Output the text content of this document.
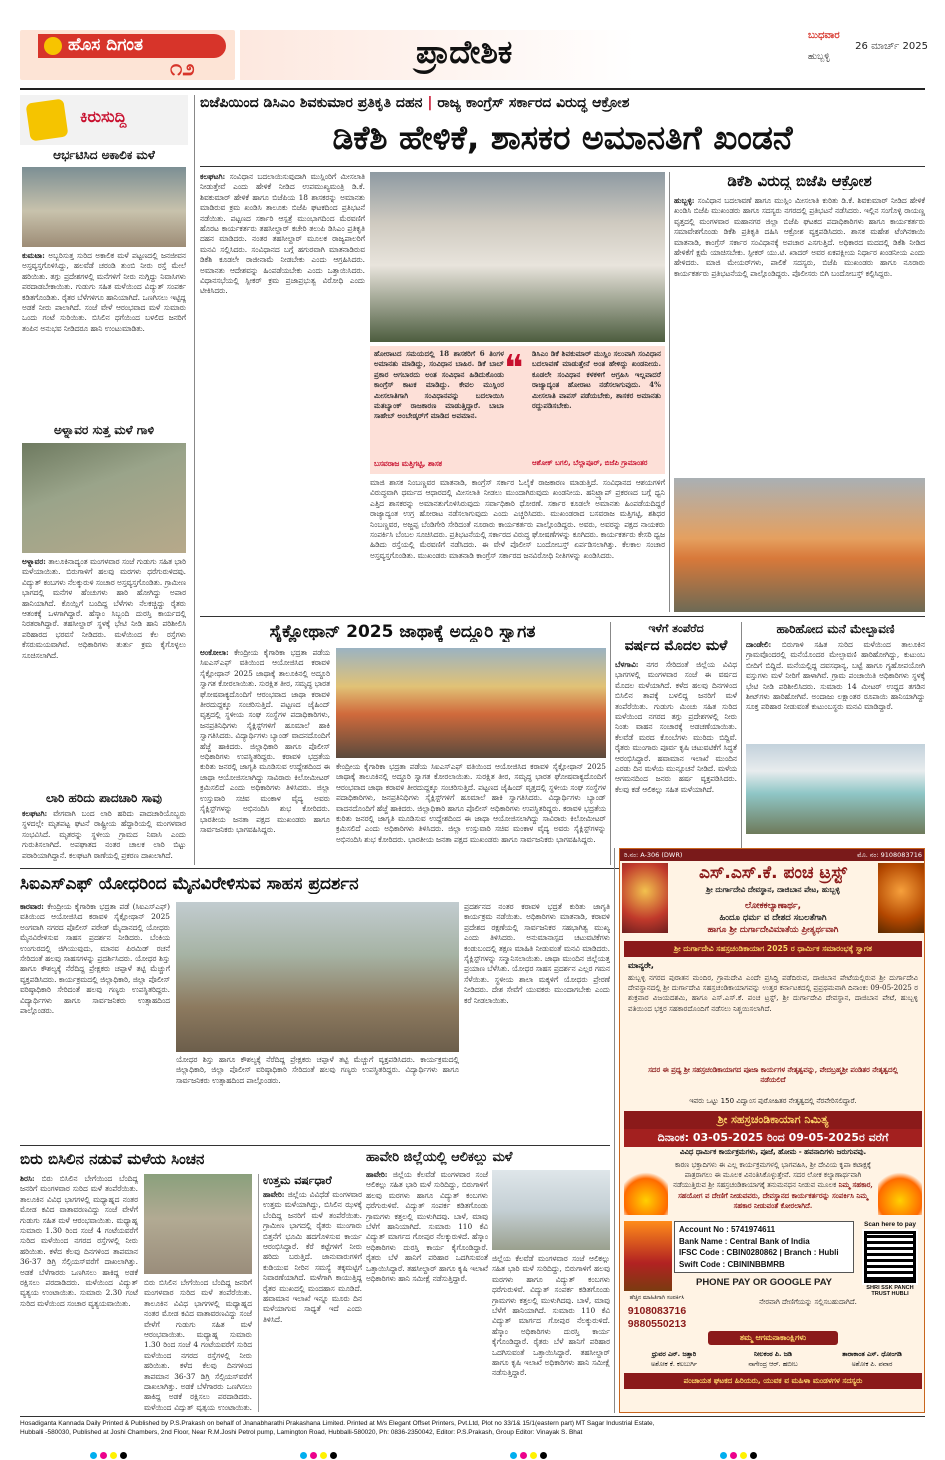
ಹೊಸ ದಿಗಂತ
೧೨	ಪ್ರಾದೇಶಿಕ	ಬುಧವಾರ
26 ಮಾರ್ಚ್ 2025
ಹುಬ್ಬಳ್ಳಿ
ಕಿರುಸುದ್ದಿ
ಆರ್ಭಟಿಸಿದ ಅಕಾಲಿಕ ಮಳೆ
ಕುಮಟಾ: ಅಬ್ಬರಿಸುತ್ತ ಸುರಿದ ಅಕಾಲಿಕ ಮಳೆ ಪಟ್ಟಣದಲ್ಲಿ ಜನಜೀವನ ಅಸ್ತವ್ಯಸ್ತಗೊಳಿಸಿದ್ದು, ಹಲವೆಡೆ ಚರಂಡಿ ತುಂಬಿ ನೀರು ರಸ್ತೆ ಮೇಲೆ ಹರಿಯಿತು. ತಗ್ಗು ಪ್ರದೇಶಗಳಲ್ಲಿ ಮನೆಗಳಿಗೆ ನೀರು ನುಗ್ಗಿದ್ದು ನಿವಾಸಿಗಳು ಪರದಾಡಬೇಕಾಯಿತು. ಗುಡುಗು ಸಹಿತ ಮಳೆಯಿಂದ ವಿದ್ಯುತ್ ಸಂಪರ್ಕ ಕಡಿತಗೊಂಡಿತು. ರೈತರ ಬೆಳೆಗಳಿಗೂ ಹಾನಿಯಾಗಿದೆ. ಒಣಗಿಸಲು ಇಟ್ಟಿದ್ದ ಅಡಕೆ ನೀರು ಪಾಲಾಗಿದೆ. ಸಂಜೆ ವೇಳೆ ಆರಂಭವಾದ ಮಳೆ ಸುಮಾರು ಒಂದು ಗಂಟೆ ಸುರಿಯಿತು. ಬಿಸಿಲಿನ ಧಗೆಯಿಂದ ಬಳಲಿದ ಜನರಿಗೆ ತಂಪಿನ ಅನುಭವ ನೀಡಿದರೂ ಹಾನಿ ಉಂಟುಮಾಡಿತು.
ಅಳ್ನಾವರ ಸುತ್ತ ಮಳೆ ಗಾಳಿ
ಅಳ್ನಾವರ: ತಾಲೂಕಿನಾದ್ಯಂತ ಮಂಗಳವಾರ ಸಂಜೆ ಗುಡುಗು ಸಹಿತ ಭಾರಿ ಮಳೆಯಾಯಿತು. ಬಿರುಗಾಳಿಗೆ ಹಲವು ಮರಗಳು ಧರೆಗುರುಳಿದವು. ವಿದ್ಯುತ್ ಕಂಬಗಳು ನೆಲಕ್ಕುರುಳಿ ಸಂಚಾರ ಅಸ್ತವ್ಯಸ್ತಗೊಂಡಿತು. ಗ್ರಾಮೀಣ ಭಾಗದಲ್ಲಿ ಮನೆಗಳ ಹೆಂಚುಗಳು ಹಾರಿ ಹೋಗಿದ್ದು ಅಪಾರ ಹಾನಿಯಾಗಿದೆ. ಕೊಯ್ಲಿಗೆ ಬಂದಿದ್ದ ಬೆಳೆಗಳು ನೆಲಕಚ್ಚಿದ್ದು ರೈತರು ಆತಂಕಕ್ಕೆ ಒಳಗಾಗಿದ್ದಾರೆ. ಹೆಸ್ಕಾಂ ಸಿಬ್ಬಂದಿ ದುರಸ್ತಿ ಕಾರ್ಯದಲ್ಲಿ ನಿರತರಾಗಿದ್ದಾರೆ. ತಹಸೀಲ್ದಾರ್ ಸ್ಥಳಕ್ಕೆ ಭೇಟಿ ನೀಡಿ ಹಾನಿ ಪರಿಶೀಲಿಸಿ ಪರಿಹಾರದ ಭರವಸೆ ನೀಡಿದರು. ಮಳೆಯಿಂದ ಕೆಲ ರಸ್ತೆಗಳು ಕೆಸರುಮಯವಾಗಿವೆ. ಅಧಿಕಾರಿಗಳು ತುರ್ತು ಕ್ರಮ ಕೈಗೊಳ್ಳಲು ಸೂಚಿಸಲಾಗಿದೆ.
ಲಾರಿ ಹರಿದು ಪಾದಚಾರಿ ಸಾವು
ಕಲಘಟಗಿ: ವೇಗವಾಗಿ ಬಂದ ಲಾರಿ ಹರಿದು ಪಾದಚಾರಿಯೊಬ್ಬರು ಸ್ಥಳದಲ್ಲೇ ಮೃತಪಟ್ಟ ಘಟನೆ ರಾಷ್ಟ್ರೀಯ ಹೆದ್ದಾರಿಯಲ್ಲಿ ಮಂಗಳವಾರ ಸಂಭವಿಸಿದೆ. ಮೃತರನ್ನು ಸ್ಥಳೀಯ ಗ್ರಾಮದ ನಿವಾಸಿ ಎಂದು ಗುರುತಿಸಲಾಗಿದೆ. ಅಪಘಾತದ ನಂತರ ಚಾಲಕ ಲಾರಿ ಬಿಟ್ಟು ಪರಾರಿಯಾಗಿದ್ದಾನೆ. ಕಲಘಟಗಿ ಠಾಣೆಯಲ್ಲಿ ಪ್ರಕರಣ ದಾಖಲಾಗಿದೆ.
ಬಿಜೆಪಿಯಿಂದ ಡಿಸಿಎಂ ಶಿವಕುಮಾರ ಪ್ರತಿಕೃತಿ ದಹನ | ರಾಜ್ಯ ಕಾಂಗ್ರೆಸ್ ಸರ್ಕಾರದ ವಿರುದ್ಧ ಆಕ್ರೋಶ
ಡಿಕೆಶಿ ಹೇಳಿಕೆ, ಶಾಸಕರ ಅಮಾನತಿಗೆ ಖಂಡನೆ
ಕಲಘಟಗಿ: ಸಂವಿಧಾನ ಬದಲಾಯಿಸುವುದಾಗಿ ಮುಸ್ಲಿಂರಿಗೆ ಮೀಸಲಾತಿ ನೀಡುತ್ತೇವೆ ಎಂದು ಹೇಳಿಕೆ ನೀಡಿದ ಉಪಮುಖ್ಯಮಂತ್ರಿ ಡಿ.ಕೆ. ಶಿವಕುಮಾರ್ ಹೇಳಿಕೆ ಹಾಗೂ ಬಿಜೆಪಿಯ 18 ಶಾಸಕರನ್ನು ಅಮಾನತು ಮಾಡಿರುವ ಕ್ರಮ ಖಂಡಿಸಿ ತಾಲೂಕು ಬಿಜೆಪಿ ಘಟಕದಿಂದ ಪ್ರತಿಭಟನೆ ನಡೆಯಿತು. ಪಟ್ಟಣದ ಸರ್ಕಾರಿ ಆಸ್ಪತ್ರೆ ಮುಂಭಾಗದಿಂದ ಮೆರವಣಿಗೆ ಹೊರಟ ಕಾರ್ಯಕರ್ತರು ತಹಸೀಲ್ದಾರ್ ಕಚೇರಿ ತಲುಪಿ ಡಿಸಿಎಂ ಪ್ರತಿಕೃತಿ ದಹನ ಮಾಡಿದರು. ನಂತರ ತಹಸೀಲ್ದಾರ್ ಮೂಲಕ ರಾಜ್ಯಪಾಲರಿಗೆ ಮನವಿ ಸಲ್ಲಿಸಿದರು. ಸಂವಿಧಾನದ ಬಗ್ಗೆ ಹಗುರವಾಗಿ ಮಾತನಾಡಿರುವ ಡಿಕೆಶಿ ಕೂಡಲೇ ರಾಜೀನಾಮೆ ನೀಡಬೇಕು ಎಂದು ಆಗ್ರಹಿಸಿದರು. ಅಮಾನತು ಆದೇಶವನ್ನು ಹಿಂಪಡೆಯಬೇಕು ಎಂದು ಒತ್ತಾಯಿಸಿದರು. ವಿಧಾನಸಭೆಯಲ್ಲಿ ಸ್ಪೀಕರ್ ಕ್ರಮ ಪ್ರಜಾಪ್ರಭುತ್ವ ವಿರೋಧಿ ಎಂದು ಟೀಕಿಸಿದರು.
ಹೋರಾಟದ ಸಮಯದಲ್ಲಿ 18 ಶಾಸಕರಿಗೆ 6 ತಿಂಗಳ ಅಮಾನತು ಮಾಡಿದ್ದು, ಸಂವಿಧಾನ ಬಾಹಿರ. ಡಿಕೆ ಬಾಬ್ ಪ್ರಕಾರ ಆಗಬಾರದು ಅಂತ ಸಂವಿಧಾನ ಹಿಡಿದುಕೊಂಡು ಕಾಂಗ್ರೆಸ್ ಕಾಟಕ ಮಾಡಿದ್ದು. ಕೇವಲ ಮುಸ್ಲಿಂರ ಮೀಸಲಾತಿಗಾಗಿ ಸಂವಿಧಾನವನ್ನು ಬದಲಾಯಿಸಿ ಮತಬ್ಯಾಂಕ್ ರಾಜಕಾರಣ ಮಾಡುತ್ತಿದ್ದಾರೆ. ಬಾಬಾ ಸಾಹೇಬ್ ಅಂಬೇಡ್ಕರ್‌ಗೆ ಮಾಡಿದ ಅವಮಾನ.
ಬಸವರಾಜ ಮತ್ತಿಗಟ್ಟಿ, ಶಾಸಕ
❝ ಡಿಸಿಎಂ ಡಿಕೆ ಶಿವಕುಮಾರ್ ಮುಸ್ಲಿಂ ಸಲುವಾಗಿ ಸಂವಿಧಾನ ಬದಲಾವಣೆ ಮಾಡುತ್ತೇನೆ ಅಂತ ಹೇಳಿದ್ದು ಖಂಡನೀಯ. ಕೂಡಲೇ ಸಂವಿಧಾನ ಕಳಕಳಿಗೆ ಆಗ್ರಹಿಸಿ ಇಲ್ಲವಾದರೆ ರಾಜ್ಯಾದ್ಯಂತ ಹೋರಾಟ ನಡೆಸಲಾಗುವುದು. 4% ಮೀಸಲಾತಿ ವಾಪಸ್ ಪಡೆಯಬೇಕು, ಶಾಸಕರ ಅಮಾನತು ರದ್ದುಪಡಿಸಬೇಕು.
ಆಶೋಕ್ ಬಗಲಿ, ಬೆಲ್ಲಾಪೂರ್, ಬಿಜೆಪಿ ಗ್ರಾಮಾಂತರ
ಮಾಜಿ ಶಾಸಕ ನಿಂಬಣ್ಣವರ ಮಾತನಾಡಿ, ಕಾಂಗ್ರೆಸ್ ಸರ್ಕಾರ ಓಲೈಕೆ ರಾಜಕಾರಣ ಮಾಡುತ್ತಿದೆ. ಸಂವಿಧಾನದ ಆಶಯಗಳಿಗೆ ವಿರುದ್ಧವಾಗಿ ಧರ್ಮದ ಆಧಾರದಲ್ಲಿ ಮೀಸಲಾತಿ ನೀಡಲು ಮುಂದಾಗಿರುವುದು ಖಂಡನೀಯ. ಹನಿಟ್ರ್ಯಾಪ್ ಪ್ರಕರಣದ ಬಗ್ಗೆ ಧ್ವನಿ ಎತ್ತಿದ ಶಾಸಕರನ್ನು ಅಮಾನತುಗೊಳಿಸಿರುವುದು ಸರ್ವಾಧಿಕಾರಿ ಧೋರಣೆ. ಸರ್ಕಾರ ಕೂಡಲೇ ಅಮಾನತು ಹಿಂಪಡೆಯದಿದ್ದರೆ ರಾಜ್ಯಾದ್ಯಂತ ಉಗ್ರ ಹೋರಾಟ ನಡೆಸಲಾಗುವುದು ಎಂದು ಎಚ್ಚರಿಸಿದರು. ಮುಖಂಡರಾದ ಬಸವರಾಜ ಮತ್ತಿಗಟ್ಟಿ, ಶಶಿಧರ ನಿಂಬಣ್ಣವರ, ಅಜ್ಜಪ್ಪ ಬೆಂಡಿಗೇರಿ ಸೇರಿದಂತೆ ನೂರಾರು ಕಾರ್ಯಕರ್ತರು ಪಾಲ್ಗೊಂಡಿದ್ದರು. ಅವರು, ಅವರನ್ನು ಪಕ್ಷದ ನಾಯಕರು ಸಂಪರ್ಕಿಸಿ ಬೆಂಬಲ ಸೂಚಿಸಿದರು. ಪ್ರತಿಭಟನೆಯಲ್ಲಿ ಸರ್ಕಾರದ ವಿರುದ್ಧ ಘೋಷಣೆಗಳನ್ನು ಕೂಗಿದರು. ಕಾರ್ಯಕರ್ತರು ಕೇಸರಿ ಧ್ವಜ ಹಿಡಿದು ರಸ್ತೆಯಲ್ಲಿ ಮೆರವಣಿಗೆ ನಡೆಸಿದರು. ಈ ವೇಳೆ ಪೊಲೀಸ್ ಬಂದೋಬಸ್ತ್ ಏರ್ಪಡಿಸಲಾಗಿತ್ತು. ಕೆಲಕಾಲ ಸಂಚಾರ ಅಸ್ತವ್ಯಸ್ತಗೊಂಡಿತು. ಮುಖಂಡರು ಮಾತನಾಡಿ ಕಾಂಗ್ರೆಸ್ ಸರ್ಕಾರದ ಜನವಿರೋಧಿ ನೀತಿಗಳನ್ನು ಖಂಡಿಸಿದರು.
ಡಿಕೆಶಿ ವಿರುದ್ಧ ಬಿಜೆಪಿ ಆಕ್ರೋಶ
ಹುಬ್ಬಳ್ಳಿ: ಸಂವಿಧಾನ ಬದಲಾವಣೆ ಹಾಗೂ ಮುಸ್ಲಿಂ ಮೀಸಲಾತಿ ಕುರಿತು ಡಿ.ಕೆ. ಶಿವಕುಮಾರ್ ನೀಡಿದ ಹೇಳಿಕೆ ಖಂಡಿಸಿ ಬಿಜೆಪಿ ಮುಖಂಡರು ಹಾಗೂ ಸದಸ್ಯರು ನಗರದಲ್ಲಿ ಪ್ರತಿಭಟನೆ ನಡೆಸಿದರು. ಇಲ್ಲಿನ ಸಂಗೊಳ್ಳಿ ರಾಯಣ್ಣ ವೃತ್ತದಲ್ಲಿ ಮಂಗಳವಾರ ಮಹಾನಗರ ಜಿಲ್ಲಾ ಬಿಜೆಪಿ ಘಟಕದ ಪದಾಧಿಕಾರಿಗಳು ಹಾಗೂ ಕಾರ್ಯಕರ್ತರು ಸಮಾವೇಶಗೊಂಡು ಡಿಕೆಶಿ ಪ್ರತಿಕೃತಿ ದಹಿಸಿ ಆಕ್ರೋಶ ವ್ಯಕ್ತಪಡಿಸಿದರು. ಶಾಸಕ ಮಹೇಶ ಟೆಂಗಿನಕಾಯಿ ಮಾತನಾಡಿ, ಕಾಂಗ್ರೆಸ್ ಸರ್ಕಾರ ಸಂವಿಧಾನಕ್ಕೆ ಅಪಚಾರ ಎಸಗುತ್ತಿದೆ. ಅಧಿಕಾರದ ಮದದಲ್ಲಿ ಡಿಕೆಶಿ ನೀಡಿದ ಹೇಳಿಕೆಗೆ ಕ್ಷಮೆ ಯಾಚಿಸಬೇಕು. ಸ್ಪೀಕರ್ ಯು.ಟಿ. ಖಾದರ್ ಅವರ ಏಕಪಕ್ಷೀಯ ನಿರ್ಧಾರ ಖಂಡನೀಯ ಎಂದು ಹೇಳಿದರು. ಮಾಜಿ ಮೇಯರ್‌ಗಳು, ಪಾಲಿಕೆ ಸದಸ್ಯರು, ಬಿಜೆಪಿ ಮುಖಂಡರು ಹಾಗೂ ನೂರಾರು ಕಾರ್ಯಕರ್ತರು ಪ್ರತಿಭಟನೆಯಲ್ಲಿ ಪಾಲ್ಗೊಂಡಿದ್ದರು. ಪೊಲೀಸರು ಬಿಗಿ ಬಂದೋಬಸ್ತ್ ಕಲ್ಪಿಸಿದ್ದರು.
ಸೈಕ್ಲೋಥಾನ್ 2025 ಜಾಥಾಕ್ಕೆ ಅದ್ದೂರಿ ಸ್ವಾಗತ
ಅಂಕೋಲಾ: ಕೇಂದ್ರೀಯ ಕೈಗಾರಿಕಾ ಭದ್ರತಾ ಪಡೆಯ ಸಿಐಎಸ್‌ಎಫ್ ವತಿಯಿಂದ ಆಯೋಜಿಸಿದ ಕರಾವಳಿ ಸೈಕ್ಲೋಥಾನ್ 2025 ಜಾಥಾಕ್ಕೆ ತಾಲೂಕಿನಲ್ಲಿ ಅದ್ದೂರಿ ಸ್ವಾಗತ ಕೋರಲಾಯಿತು. ಸುರಕ್ಷಿತ ತೀರ, ಸಮೃದ್ಧ ಭಾರತ ಘೋಷವಾಕ್ಯದೊಂದಿಗೆ ಆರಂಭವಾದ ಜಾಥಾ ಕರಾವಳಿ ತೀರದುದ್ದಕ್ಕೂ ಸಂಚರಿಸುತ್ತಿದೆ. ಪಟ್ಟಣದ ಜೈಹಿಂದ್ ವೃತ್ತದಲ್ಲಿ ಸ್ಥಳೀಯ ಸಂಘ ಸಂಸ್ಥೆಗಳ ಪದಾಧಿಕಾರಿಗಳು, ಜನಪ್ರತಿನಿಧಿಗಳು ಸೈಕ್ಲಿಸ್ಟ್‌ಗಳಿಗೆ ಹೂಮಾಲೆ ಹಾಕಿ ಸ್ವಾಗತಿಸಿದರು. ವಿದ್ಯಾರ್ಥಿಗಳು ಬ್ಯಾಂಡ್ ವಾದನದೊಂದಿಗೆ ಹೆಜ್ಜೆ ಹಾಕಿದರು. ಜಿಲ್ಲಾಧಿಕಾರಿ ಹಾಗೂ ಪೊಲೀಸ್ ಅಧಿಕಾರಿಗಳು ಉಪಸ್ಥಿತರಿದ್ದರು. ಕರಾವಳಿ ಭದ್ರತೆಯ ಕುರಿತು ಜನರಲ್ಲಿ ಜಾಗೃತಿ ಮೂಡಿಸುವ ಉದ್ದೇಶದಿಂದ ಈ ಜಾಥಾ ಆಯೋಜಿಸಲಾಗಿದ್ದು ಸಾವಿರಾರು ಕಿಲೋಮೀಟರ್ ಕ್ರಮಿಸಲಿದೆ ಎಂದು ಅಧಿಕಾರಿಗಳು ತಿಳಿಸಿದರು. ಜಿಲ್ಲಾ ಉಸ್ತುವಾರಿ ಸಚಿವ ಮಂಕಾಳ ವೈದ್ಯ ಅವರು ಸೈಕ್ಲಿಸ್ಟ್‌ಗಳನ್ನು ಅಭಿನಂದಿಸಿ ಶುಭ ಕೋರಿದರು. ಭಾರತೀಯ ಜನತಾ ಪಕ್ಷದ ಮುಖಂಡರು ಹಾಗೂ ಸಾರ್ವಜನಿಕರು ಭಾಗವಹಿಸಿದ್ದರು.
ಕೇಂದ್ರೀಯ ಕೈಗಾರಿಕಾ ಭದ್ರತಾ ಪಡೆಯ ಸಿಐಎಸ್‌ಎಫ್ ವತಿಯಿಂದ ಆಯೋಜಿಸಿದ ಕರಾವಳಿ ಸೈಕ್ಲೋಥಾನ್ 2025 ಜಾಥಾಕ್ಕೆ ತಾಲೂಕಿನಲ್ಲಿ ಅದ್ದೂರಿ ಸ್ವಾಗತ ಕೋರಲಾಯಿತು. ಸುರಕ್ಷಿತ ತೀರ, ಸಮೃದ್ಧ ಭಾರತ ಘೋಷವಾಕ್ಯದೊಂದಿಗೆ ಆರಂಭವಾದ ಜಾಥಾ ಕರಾವಳಿ ತೀರದುದ್ದಕ್ಕೂ ಸಂಚರಿಸುತ್ತಿದೆ. ಪಟ್ಟಣದ ಜೈಹಿಂದ್ ವೃತ್ತದಲ್ಲಿ ಸ್ಥಳೀಯ ಸಂಘ ಸಂಸ್ಥೆಗಳ ಪದಾಧಿಕಾರಿಗಳು, ಜನಪ್ರತಿನಿಧಿಗಳು ಸೈಕ್ಲಿಸ್ಟ್‌ಗಳಿಗೆ ಹೂಮಾಲೆ ಹಾಕಿ ಸ್ವಾಗತಿಸಿದರು. ವಿದ್ಯಾರ್ಥಿಗಳು ಬ್ಯಾಂಡ್ ವಾದನದೊಂದಿಗೆ ಹೆಜ್ಜೆ ಹಾಕಿದರು. ಜಿಲ್ಲಾಧಿಕಾರಿ ಹಾಗೂ ಪೊಲೀಸ್ ಅಧಿಕಾರಿಗಳು ಉಪಸ್ಥಿತರಿದ್ದರು. ಕರಾವಳಿ ಭದ್ರತೆಯ ಕುರಿತು ಜನರಲ್ಲಿ ಜಾಗೃತಿ ಮೂಡಿಸುವ ಉದ್ದೇಶದಿಂದ ಈ ಜಾಥಾ ಆಯೋಜಿಸಲಾಗಿದ್ದು ಸಾವಿರಾರು ಕಿಲೋಮೀಟರ್ ಕ್ರಮಿಸಲಿದೆ ಎಂದು ಅಧಿಕಾರಿಗಳು ತಿಳಿಸಿದರು. ಜಿಲ್ಲಾ ಉಸ್ತುವಾರಿ ಸಚಿವ ಮಂಕಾಳ ವೈದ್ಯ ಅವರು ಸೈಕ್ಲಿಸ್ಟ್‌ಗಳನ್ನು ಅಭಿನಂದಿಸಿ ಶುಭ ಕೋರಿದರು. ಭಾರತೀಯ ಜನತಾ ಪಕ್ಷದ ಮುಖಂಡರು ಹಾಗೂ ಸಾರ್ವಜನಿಕರು ಭಾಗವಹಿಸಿದ್ದರು.
ಇಳೆಗೆ ತಂಪೆರೆದ
ವರ್ಷದ ಮೊದಲ ಮಳೆ
ಬೆಳಗಾವಿ: ನಗರ ಸೇರಿದಂತೆ ಜಿಲ್ಲೆಯ ವಿವಿಧ ಭಾಗಗಳಲ್ಲಿ ಮಂಗಳವಾರ ಸಂಜೆ ಈ ವರ್ಷದ ಮೊದಲ ಮಳೆಯಾಗಿದೆ. ಕಳೆದ ಹಲವು ದಿನಗಳಿಂದ ಬಿಸಿಲಿನ ತಾಪಕ್ಕೆ ಬಳಲಿದ್ದ ಜನರಿಗೆ ಮಳೆ ತಂಪೆರೆಯಿತು. ಗುಡುಗು ಮಿಂಚು ಸಹಿತ ಸುರಿದ ಮಳೆಯಿಂದ ನಗರದ ತಗ್ಗು ಪ್ರದೇಶಗಳಲ್ಲಿ ನೀರು ನಿಂತು ವಾಹನ ಸಂಚಾರಕ್ಕೆ ಅಡಚಣೆಯಾಯಿತು. ಕೆಲವೆಡೆ ಮರದ ಕೊಂಬೆಗಳು ಮುರಿದು ಬಿದ್ದಿವೆ. ರೈತರು ಮುಂಗಾರು ಪೂರ್ವ ಕೃಷಿ ಚಟುವಟಿಕೆಗೆ ಸಿದ್ಧತೆ ಆರಂಭಿಸಿದ್ದಾರೆ. ಹವಾಮಾನ ಇಲಾಖೆ ಮುಂದಿನ ಎರಡು ದಿನ ಮಳೆಯ ಮುನ್ಸೂಚನೆ ನೀಡಿದೆ. ಮಳೆಯ ಆಗಮನದಿಂದ ಜನರು ಹರ್ಷ ವ್ಯಕ್ತಪಡಿಸಿದರು. ಕೆಲವು ಕಡೆ ಆಲಿಕಲ್ಲು ಸಹಿತ ಮಳೆಯಾಗಿದೆ.
ಹಾರಿಹೋದ ಮನೆ ಮೇಲ್ಛಾವಣಿ
ದಾಂಡೇಲಿ: ಬಿರುಗಾಳಿ ಸಹಿತ ಸುರಿದ ಮಳೆಯಿಂದ ತಾಲೂಕಿನ ಗ್ರಾಮವೊಂದರಲ್ಲಿ ಮನೆಯೊಂದರ ಮೇಲ್ಛಾವಣಿ ಹಾರಿಹೋಗಿದ್ದು, ಕುಟುಂಬ ಬೀದಿಗೆ ಬಿದ್ದಿದೆ. ಮನೆಯಲ್ಲಿದ್ದ ದವಸಧಾನ್ಯ, ಬಟ್ಟೆ ಹಾಗೂ ಗೃಹೋಪಯೋಗಿ ವಸ್ತುಗಳು ಮಳೆ ನೀರಿಗೆ ಹಾಳಾಗಿವೆ. ಗ್ರಾಮ ಪಂಚಾಯಿತಿ ಅಧಿಕಾರಿಗಳು ಸ್ಥಳಕ್ಕೆ ಭೇಟಿ ನೀಡಿ ಪರಿಶೀಲಿಸಿದರು. ಸುಮಾರು 14 ಮೀಟರ್ ಉದ್ದದ ತಗಡಿನ ಶೀಟ್‌ಗಳು ಹಾರಿಹೋಗಿವೆ. ಅಂದಾಜು ಲಕ್ಷಾಂತರ ರೂಪಾಯಿ ಹಾನಿಯಾಗಿದ್ದು ಸೂಕ್ತ ಪರಿಹಾರ ನೀಡುವಂತೆ ಕುಟುಂಬಸ್ಥರು ಮನವಿ ಮಾಡಿದ್ದಾರೆ.
ಸಿಐಎಸ್‌ಎಫ್ ಯೋಧರಿಂದ ಮೈನವಿರೇಳಿಸುವ ಸಾಹಸ ಪ್ರದರ್ಶನ
ಕಾರವಾರ: ಕೇಂದ್ರೀಯ ಕೈಗಾರಿಕಾ ಭದ್ರತಾ ಪಡೆ (ಸಿಐಎಸ್‌ಎಫ್) ವತಿಯಿಂದ ಆಯೋಜಿಸಿದ ಕರಾವಳಿ ಸೈಕ್ಲೋಥಾನ್ 2025 ಅಂಗವಾಗಿ ನಗರದ ಪೊಲೀಸ್ ಪರೇಡ್ ಮೈದಾನದಲ್ಲಿ ಯೋಧರು ಮೈನವಿರೇಳಿಸುವ ಸಾಹಸ ಪ್ರದರ್ಶನ ನೀಡಿದರು. ಬೆಂಕಿಯ ಉಂಗುರದಲ್ಲಿ ಜಿಗಿಯುವುದು, ಮಾನವ ಪಿರಮಿಡ್ ರಚನೆ ಸೇರಿದಂತೆ ಹಲವು ಸಾಹಸಗಳನ್ನು ಪ್ರದರ್ಶಿಸಿದರು. ಯೋಧರ ಶಿಸ್ತು ಹಾಗೂ ಕೌಶಲ್ಯಕ್ಕೆ ನೆರೆದಿದ್ದ ಪ್ರೇಕ್ಷಕರು ಚಪ್ಪಾಳೆ ತಟ್ಟಿ ಮೆಚ್ಚುಗೆ ವ್ಯಕ್ತಪಡಿಸಿದರು. ಕಾರ್ಯಕ್ರಮದಲ್ಲಿ ಜಿಲ್ಲಾಧಿಕಾರಿ, ಜಿಲ್ಲಾ ಪೊಲೀಸ್ ವರಿಷ್ಠಾಧಿಕಾರಿ ಸೇರಿದಂತೆ ಹಲವು ಗಣ್ಯರು ಉಪಸ್ಥಿತರಿದ್ದರು. ವಿದ್ಯಾರ್ಥಿಗಳು ಹಾಗೂ ಸಾರ್ವಜನಿಕರು ಉತ್ಸಾಹದಿಂದ ಪಾಲ್ಗೊಂಡರು.
ಯೋಧರ ಶಿಸ್ತು ಹಾಗೂ ಕೌಶಲ್ಯಕ್ಕೆ ನೆರೆದಿದ್ದ ಪ್ರೇಕ್ಷಕರು ಚಪ್ಪಾಳೆ ತಟ್ಟಿ ಮೆಚ್ಚುಗೆ ವ್ಯಕ್ತಪಡಿಸಿದರು. ಕಾರ್ಯಕ್ರಮದಲ್ಲಿ ಜಿಲ್ಲಾಧಿಕಾರಿ, ಜಿಲ್ಲಾ ಪೊಲೀಸ್ ವರಿಷ್ಠಾಧಿಕಾರಿ ಸೇರಿದಂತೆ ಹಲವು ಗಣ್ಯರು ಉಪಸ್ಥಿತರಿದ್ದರು. ವಿದ್ಯಾರ್ಥಿಗಳು ಹಾಗೂ ಸಾರ್ವಜನಿಕರು ಉತ್ಸಾಹದಿಂದ ಪಾಲ್ಗೊಂಡರು.
ಪ್ರದರ್ಶನದ ನಂತರ ಕರಾವಳಿ ಭದ್ರತೆ ಕುರಿತು ಜಾಗೃತಿ ಕಾರ್ಯಕ್ರಮ ನಡೆಯಿತು. ಅಧಿಕಾರಿಗಳು ಮಾತನಾಡಿ, ಕರಾವಳಿ ಪ್ರದೇಶದ ರಕ್ಷಣೆಯಲ್ಲಿ ಸಾರ್ವಜನಿಕರ ಸಹಭಾಗಿತ್ವ ಮುಖ್ಯ ಎಂದು ತಿಳಿಸಿದರು. ಅನುಮಾನಾಸ್ಪದ ಚಟುವಟಿಕೆಗಳು ಕಂಡುಬಂದಲ್ಲಿ ತಕ್ಷಣ ಮಾಹಿತಿ ನೀಡುವಂತೆ ಮನವಿ ಮಾಡಿದರು. ಸೈಕ್ಲಿಸ್ಟ್‌ಗಳನ್ನು ಸನ್ಮಾನಿಸಲಾಯಿತು. ಜಾಥಾ ಮುಂದಿನ ಜಿಲ್ಲೆಯತ್ತ ಪ್ರಯಾಣ ಬೆಳೆಸಿತು. ಯೋಧರ ಸಾಹಸ ಪ್ರದರ್ಶನ ಎಲ್ಲರ ಗಮನ ಸೆಳೆಯಿತು. ಸ್ಥಳೀಯ ಶಾಲಾ ಮಕ್ಕಳಿಗೆ ಯೋಧರು ಪ್ರೇರಣೆ ನೀಡಿದರು. ದೇಶ ಸೇವೆಗೆ ಯುವಕರು ಮುಂದಾಗಬೇಕು ಎಂದು ಕರೆ ನೀಡಲಾಯಿತು.
ಬಿರು ಬಿಸಿಲಿನ ನಡುವೆ ಮಳೆಯ ಸಿಂಚನ
ಶಿರಸಿ: ಬಿರು ಬಿಸಿಲಿನ ಬೇಗೆಯಿಂದ ಬೆಂದಿದ್ದ ಜನರಿಗೆ ಮಂಗಳವಾರ ಸುರಿದ ಮಳೆ ತಂಪೆರೆಯಿತು. ತಾಲೂಕಿನ ವಿವಿಧ ಭಾಗಗಳಲ್ಲಿ ಮಧ್ಯಾಹ್ನದ ನಂತರ ಮೋಡ ಕವಿದ ವಾತಾವರಣವಿದ್ದು ಸಂಜೆ ವೇಳೆಗೆ ಗುಡುಗು ಸಹಿತ ಮಳೆ ಆರಂಭವಾಯಿತು. ಮಧ್ಯಾಹ್ನ ಸುಮಾರು 1.30 ರಿಂದ ಸಂಜೆ 4 ಗಂಟೆಯವರೆಗೆ ಸುರಿದ ಮಳೆಯಿಂದ ನಗರದ ರಸ್ತೆಗಳಲ್ಲಿ ನೀರು ಹರಿಯಿತು. ಕಳೆದ ಕೆಲವು ದಿನಗಳಿಂದ ತಾಪಮಾನ 36-37 ಡಿಗ್ರಿ ಸೆಲ್ಸಿಯಸ್‌ವರೆಗೆ ದಾಖಲಾಗಿತ್ತು. ಅಡಕೆ ಬೆಳೆಗಾರರು ಒಣಗಿಸಲು ಹಾಕಿದ್ದ ಅಡಕೆ ರಕ್ಷಿಸಲು ಪರದಾಡಿದರು. ಮಳೆಯಿಂದ ವಿದ್ಯುತ್ ವ್ಯತ್ಯಯ ಉಂಟಾಯಿತು. ಸುಮಾರು 2.30 ಗಂಟೆ ಸುರಿದ ಮಳೆಯಿಂದ ಸಂಚಾರ ವ್ಯತ್ಯಯವಾಯಿತು.
ಬಿರು ಬಿಸಿಲಿನ ಬೇಗೆಯಿಂದ ಬೆಂದಿದ್ದ ಜನರಿಗೆ ಮಂಗಳವಾರ ಸುರಿದ ಮಳೆ ತಂಪೆರೆಯಿತು. ತಾಲೂಕಿನ ವಿವಿಧ ಭಾಗಗಳಲ್ಲಿ ಮಧ್ಯಾಹ್ನದ ನಂತರ ಮೋಡ ಕವಿದ ವಾತಾವರಣವಿದ್ದು ಸಂಜೆ ವೇಳೆಗೆ ಗುಡುಗು ಸಹಿತ ಮಳೆ ಆರಂಭವಾಯಿತು. ಮಧ್ಯಾಹ್ನ ಸುಮಾರು 1.30 ರಿಂದ ಸಂಜೆ 4 ಗಂಟೆಯವರೆಗೆ ಸುರಿದ ಮಳೆಯಿಂದ ನಗರದ ರಸ್ತೆಗಳಲ್ಲಿ ನೀರು ಹರಿಯಿತು. ಕಳೆದ ಕೆಲವು ದಿನಗಳಿಂದ ತಾಪಮಾನ 36-37 ಡಿಗ್ರಿ ಸೆಲ್ಸಿಯಸ್‌ವರೆಗೆ ದಾಖಲಾಗಿತ್ತು. ಅಡಕೆ ಬೆಳೆಗಾರರು ಒಣಗಿಸಲು ಹಾಕಿದ್ದ ಅಡಕೆ ರಕ್ಷಿಸಲು ಪರದಾಡಿದರು. ಮಳೆಯಿಂದ ವಿದ್ಯುತ್ ವ್ಯತ್ಯಯ ಉಂಟಾಯಿತು.
ಉತ್ತಮ ವರ್ಷಧಾರೆ
ಹಾವೇರಿ: ಜಿಲ್ಲೆಯ ವಿವಿಧೆಡೆ ಮಂಗಳವಾರ ಉತ್ತಮ ಮಳೆಯಾಗಿದ್ದು, ಬಿಸಿಲಿನ ಝಳಕ್ಕೆ ಬೆಂದಿದ್ದ ಜನರಿಗೆ ಮಳೆ ತಂಪೆರೆಯಿತು. ಗ್ರಾಮೀಣ ಭಾಗದಲ್ಲಿ ರೈತರು ಮುಂಗಾರು ಬಿತ್ತನೆಗೆ ಭೂಮಿ ಹದಗೊಳಿಸುವ ಕಾರ್ಯ ಆರಂಭಿಸಿದ್ದಾರೆ. ಕೆರೆ ಕಟ್ಟೆಗಳಿಗೆ ನೀರು ಹರಿದು ಬರುತ್ತಿದೆ. ಜಾನುವಾರುಗಳಿಗೆ ಕುಡಿಯುವ ನೀರಿನ ಸಮಸ್ಯೆ ತಕ್ಕಮಟ್ಟಿಗೆ ನಿವಾರಣೆಯಾಗಿದೆ. ಮಳೆಗಾಗಿ ಕಾಯುತ್ತಿದ್ದ ರೈತರ ಮುಖದಲ್ಲಿ ಮಂದಹಾಸ ಮೂಡಿದೆ. ಹವಾಮಾನ ಇಲಾಖೆ ಇನ್ನೂ ಮೂರು ದಿನ ಮಳೆಯಾಗುವ ಸಾಧ್ಯತೆ ಇದೆ ಎಂದು ತಿಳಿಸಿದೆ.
ಹಾವೇರಿ ಜಿಲ್ಲೆಯಲ್ಲಿ ಆಲಿಕಲ್ಲು ಮಳೆ
ಹಾವೇರಿ: ಜಿಲ್ಲೆಯ ಕೆಲವೆಡೆ ಮಂಗಳವಾರ ಸಂಜೆ ಆಲಿಕಲ್ಲು ಸಹಿತ ಭಾರಿ ಮಳೆ ಸುರಿದಿದ್ದು, ಬಿರುಗಾಳಿಗೆ ಹಲವು ಮರಗಳು ಹಾಗೂ ವಿದ್ಯುತ್ ಕಂಬಗಳು ಧರೆಗುರುಳಿವೆ. ವಿದ್ಯುತ್ ಸಂಪರ್ಕ ಕಡಿತಗೊಂಡು ಗ್ರಾಮಗಳು ಕತ್ತಲಲ್ಲಿ ಮುಳುಗಿದವು. ಬಾಳೆ, ಮಾವು ಬೆಳೆಗೆ ಹಾನಿಯಾಗಿದೆ. ಸುಮಾರು 110 ಕೆವಿ ವಿದ್ಯುತ್ ಮಾರ್ಗದ ಗೋಪುರ ನೆಲಕ್ಕುರುಳಿದೆ. ಹೆಸ್ಕಾಂ ಅಧಿಕಾರಿಗಳು ದುರಸ್ತಿ ಕಾರ್ಯ ಕೈಗೊಂಡಿದ್ದಾರೆ. ರೈತರು ಬೆಳೆ ಹಾನಿಗೆ ಪರಿಹಾರ ಒದಗಿಸುವಂತೆ ಒತ್ತಾಯಿಸಿದ್ದಾರೆ. ತಹಸೀಲ್ದಾರ್ ಹಾಗೂ ಕೃಷಿ ಇಲಾಖೆ ಅಧಿಕಾರಿಗಳು ಹಾನಿ ಸಮೀಕ್ಷೆ ನಡೆಸುತ್ತಿದ್ದಾರೆ.
ಜಿಲ್ಲೆಯ ಕೆಲವೆಡೆ ಮಂಗಳವಾರ ಸಂಜೆ ಆಲಿಕಲ್ಲು ಸಹಿತ ಭಾರಿ ಮಳೆ ಸುರಿದಿದ್ದು, ಬಿರುಗಾಳಿಗೆ ಹಲವು ಮರಗಳು ಹಾಗೂ ವಿದ್ಯುತ್ ಕಂಬಗಳು ಧರೆಗುರುಳಿವೆ. ವಿದ್ಯುತ್ ಸಂಪರ್ಕ ಕಡಿತಗೊಂಡು ಗ್ರಾಮಗಳು ಕತ್ತಲಲ್ಲಿ ಮುಳುಗಿದವು. ಬಾಳೆ, ಮಾವು ಬೆಳೆಗೆ ಹಾನಿಯಾಗಿದೆ. ಸುಮಾರು 110 ಕೆವಿ ವಿದ್ಯುತ್ ಮಾರ್ಗದ ಗೋಪುರ ನೆಲಕ್ಕುರುಳಿದೆ. ಹೆಸ್ಕಾಂ ಅಧಿಕಾರಿಗಳು ದುರಸ್ತಿ ಕಾರ್ಯ ಕೈಗೊಂಡಿದ್ದಾರೆ. ರೈತರು ಬೆಳೆ ಹಾನಿಗೆ ಪರಿಹಾರ ಒದಗಿಸುವಂತೆ ಒತ್ತಾಯಿಸಿದ್ದಾರೆ. ತಹಸೀಲ್ದಾರ್ ಹಾಗೂ ಕೃಷಿ ಇಲಾಖೆ ಅಧಿಕಾರಿಗಳು ಹಾನಿ ಸಮೀಕ್ಷೆ ನಡೆಸುತ್ತಿದ್ದಾರೆ.
ರಿ.ನಂ: A-306 (DWR)	ಮೊ. ನಂ: 9108083716
ಎಸ್.ಎಸ್.ಕೆ. ಪಂಚ ಟ್ರಸ್ಟ್
ಶ್ರೀ ದುರ್ಗಾದೇವಿ ದೇವಸ್ಥಾನ, ದಾಜಿಬಾನ ಪೇಟ, ಹುಬ್ಬಳ್ಳಿ
ಲೋಕಕಲ್ಯಾಣಾರ್ಥ,
ಹಿಂದೂ ಧರ್ಮ ವ ದೇಶದ ಸಬಲತೆಗಾಗಿ
ಹಾಗೂ ಶ್ರೀ ದುರ್ಗಾದೇವಿಮಾತೆಯ ಪ್ರೀತ್ಯರ್ಥವಾಗಿ
ಶ್ರೀ ದುರ್ಗಾದೇವಿ ಸಹಸ್ರಚಂಡಿಕಾಯಾಗ 2025 ರ ಧಾರ್ಮಿಕ ಸಮಾರಂಭಕ್ಕೆ ಸ್ವಾಗತ
ಮಾನ್ಯರೇ,
ಹುಬ್ಬಳ್ಳಿ ನಗರದ ಪುರಾತನ ಮಂದಿರ, ಗ್ರಾಮದೇವಿ ಎಂದೇ ಪ್ರಸಿದ್ಧಿ ಪಡೆದಿರುವ, ದಾಜಿಬಾನ ಪೇಟೆಯಲ್ಲಿರುವ ಶ್ರೀ ದುರ್ಗಾದೇವಿ ದೇವಸ್ಥಾನದಲ್ಲಿ ಶ್ರೀ ದುರ್ಗಾದೇವಿ ಸಹಸ್ರಚಂಡಿಕಾಯಾಗವನ್ನು ಉತ್ತರ ಕರ್ನಾಟಕದಲ್ಲಿ ಪ್ರಪ್ರಥಮವಾಗಿ ದಿನಾಂಕ: 09-05-2025 ರ ಶುಕ್ರವಾರ ವಿಜಯದಶಮಿ, ಹಾಗೂ ಎಸ್.ಎಸ್.ಕೆ. ಪಂಚ ಟ್ರಸ್ಟ್, ಶ್ರೀ ದುರ್ಗಾದೇವಿ ದೇವಸ್ಥಾನ, ದಾಜಿಬಾನ ಪೇಟೆ, ಹುಬ್ಬಳ್ಳಿ ವತಿಯಿಂದ ಭಕ್ತರ ಸಹಕಾರದೊಂದಿಗೆ ನಡೆಸಲು ನಿಶ್ಚಯಿಸಲಾಗಿದೆ.
ಸದರ ಈ ಪ್ರಧ್ಯ ಶ್ರೀ ಸಹಸ್ರಚಂಡಿಕಾಯಾಗದ ಪೂಜಾ ಕಾರ್ಯಗಳ ನೇತೃತ್ವವನ್ನು, ವೇದಬ್ರಹ್ಮಶ್ರೀ ಪಂಡಿತರ ನೇತೃತ್ವದಲ್ಲಿ ನಡೆಯಲಿದೆ
ಇವರು ಒಟ್ಟು 150 ವಿದ್ವಾಂಸ ಪುರೋಹಿತರ ನೇತೃತ್ವದಲ್ಲಿ ನೆರವೇರಿಸಲಿದ್ದಾರೆ.
ಶ್ರೀ ಸಹಸ್ರಚಂಡಿಕಾಯಾಗ ನಿಮಿತ್ಯ
ದಿನಾಂಕ: 03-05-2025 ರಿಂದ 09-05-2025ರ ವರೆಗೆ
ವಿವಿಧ ಧಾರ್ಮಿಕ ಕಾರ್ಯಕ್ರಮಗಳು, ಪೂಜೆ, ಹೋಮ - ಹವನಾದಿಗಳು ಜರುಗುವವು.
ಕಾರಣ ಭಕ್ತಾದಿಗಳು ಈ ಎಲ್ಲ ಕಾರ್ಯಕ್ರಮಗಳಲ್ಲಿ ಭಾಗವಹಿಸಿ, ಶ್ರೀ ದೇವಿಯ ಕೃಪಾ ಕಟಾಕ್ಷಕ್ಕೆ ಪಾತ್ರರಾಗಲು ಈ ಮೂಲಕ ವಿನಂತಿಸಿಕೊಳ್ಳುತ್ತೇವೆ. ಸದರ ಲೋಕ ಕಲ್ಯಾಣಾರ್ಥವಾಗಿ ನಡೆಯುತ್ತಿರುವ ಶ್ರೀ ಸಹಸ್ರಚಂಡಿಕಾಯಾಗಕ್ಕೆ ತನುಮನಧನ ನೀಡುವ ಮೂಲಕ ನಿಮ್ಮ ಸಹಕಾರ, ಸಹಯೋಗ ವ ದೇಣಿಗೆ ನೀಡುವವರು, ದೇವಸ್ಥಾನದ ಕಾರ್ಯಕರ್ತರನ್ನು ಸಂಪರ್ಕಿಸಿ ನಿಮ್ಮ ಸಹಕಾರ ನೀಡುವಂತೆ ಕೋರಲಾಗಿದೆ.
Account No : 5741974611
Bank Name : Central Bank of India
IFSC Code : CBIN0280862 | Branch : Hubli
Swift Code : CBININBBMRB
Scan here to pay
SHRI SSK PANCH TRUST HUBLI
PHONE PAY OR GOOGLE PAY
ಹೆಚ್ಚಿನ ಮಾಹಿತಿಗಾಗಿ ಸಂಪರ್ಕಿಸಿ
9108083716
9880550213
ನೇರವಾಗಿ ದೇಣಿಗೆಯನ್ನು ಸಲ್ಲಿಸಬಹುದಾಗಿದೆ.
ತಮ್ಮ ಆಗಮನಾಕಾಂಕ್ಷಿಗಳು
ಧ್ರುವರ ಎನ್. ಜತ್ತಾರಿ
ಅಶೋಕ ಕೆ. ಕಲಬುರ್ಗಿ
ನೀಲಕಂಠ ಪಿ. ಜಡಿ
ನಾಗೇಂದ್ರ ಆರ್. ಹಬೀಬ
ತಾರಾಕಾಂತ ಎಸ್. ಧೋಂಗಡಿ
ಅಶೋಕ ಪಿ. ಪವಾರ
ಪಂಚಾಯತ ಘಟಕದ ಹಿರಿಯರು, ಯುವಕ ವ ಮಹಿಳಾ ಮಂಡಳಗಳ ಸದಸ್ಯರು
Hosadiganta Kannada Daily Printed & Published by P.S.Prakash on behalf of Jnanabharathi Prakashana Limited. Printed at M/s Elegant Offset Printers, Pvt.Ltd, Plot no 33/1& 15/1(eastern part) MT Sagar Industrial Estate,
Hubballi -580030, Published at Joshi Chambers, 2nd Floor, Near R.M.Joshi Petrol pump, Lamington Road, Hubballi-580020, Ph: 0836-2350042, Editor: P.S.Prakash, Group Editor: Vinayak S. Bhat
